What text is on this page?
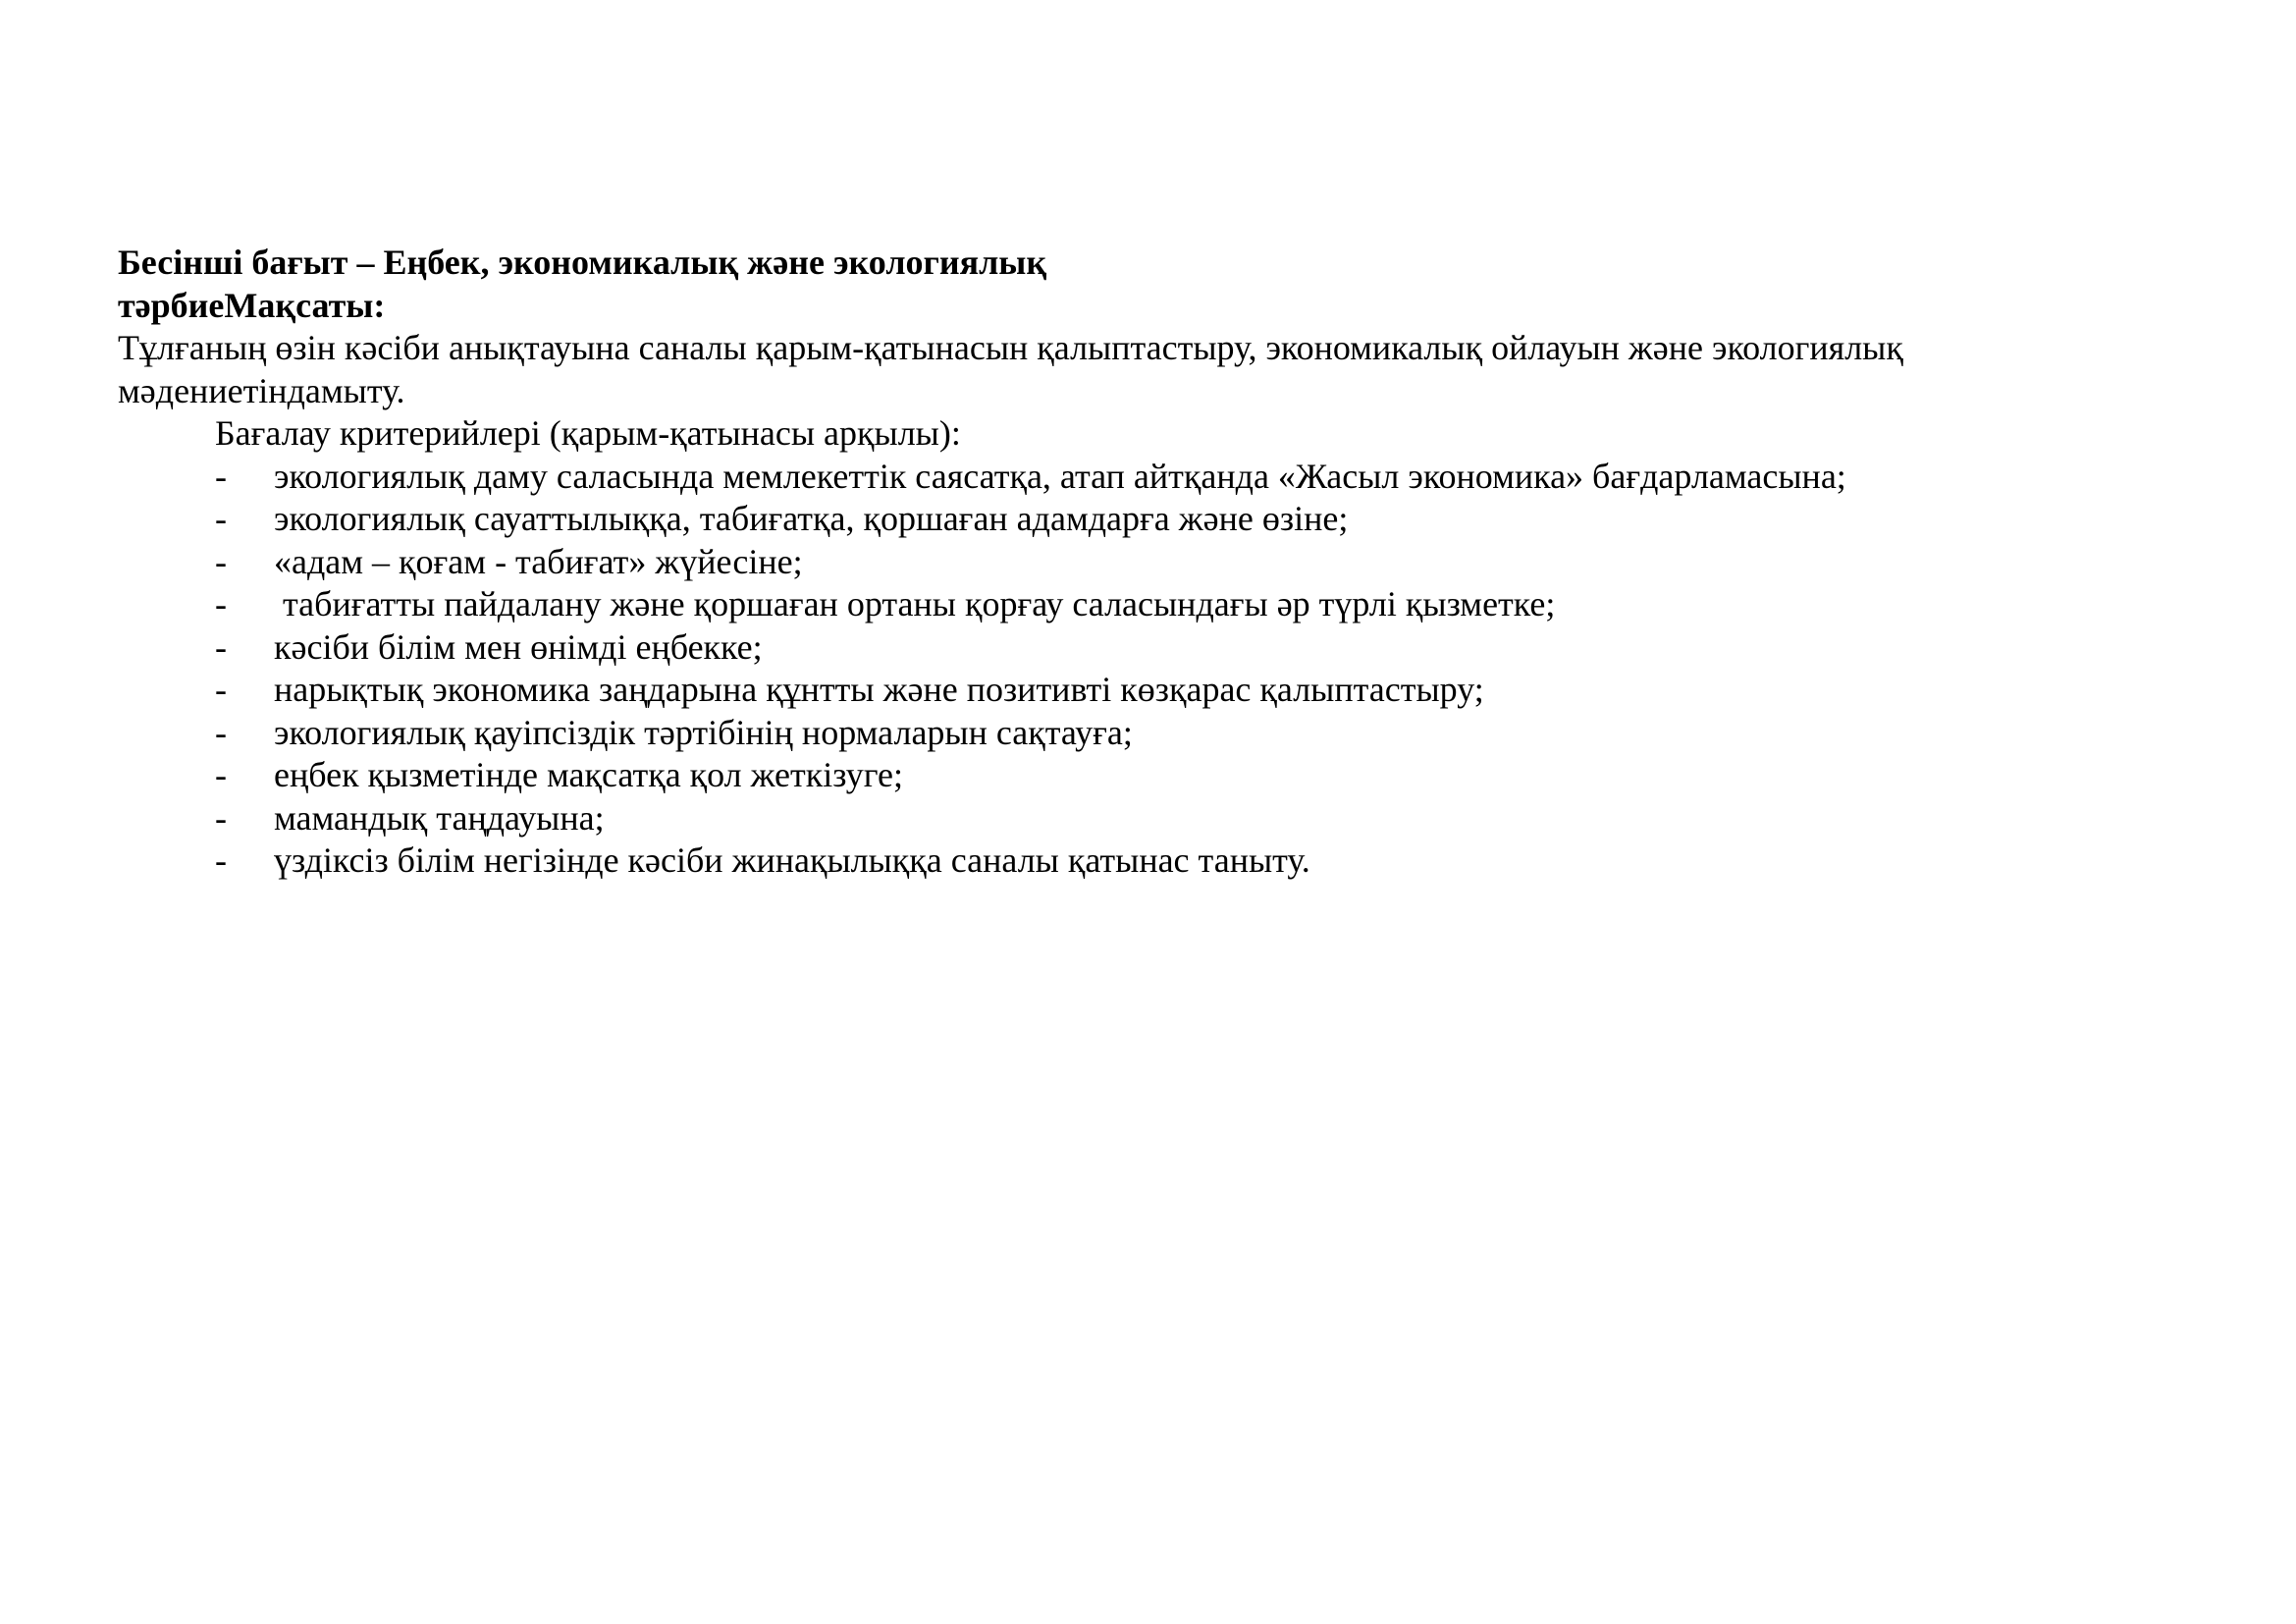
Бесінші бағыт – Еңбек, экономикалық және экологиялық

тәрбиеМақсаты:

Тұлғаның өзін кәсіби анықтауына саналы қарым-қатынасын қалыптастыру, экономикалық ойлауын және экологиялық
мәдениетіндамыту.

Бағалау критерийлері (қарым-қатынасы арқылы):

- экологиялық даму саласында мемлекеттік саясатқа, атап айтқанда «Жасыл экономика» бағдарламасына;
- экологиялық сауаттылыққа, табиғатқа, қоршаған адамдарға және өзіне;
- «адам – қоғам - табиғат» жүйесіне;
- табиғатты пайдалану және қоршаған ортаны қорғау саласындағы әр түрлі қызметке;
- кәсіби білім мен өнімді еңбекке;
- нарықтық экономика заңдарына құнтты және позитивті көзқарас қалыптастыру;
- экологиялық қауіпсіздік тәртібінің нормаларын сақтауға;
- еңбек қызметінде мақсатқа қол жеткізуге;
- мамандық таңдауына;
- үздіксіз білім негізінде кәсіби жинақылыққа саналы қатынас таныту.
